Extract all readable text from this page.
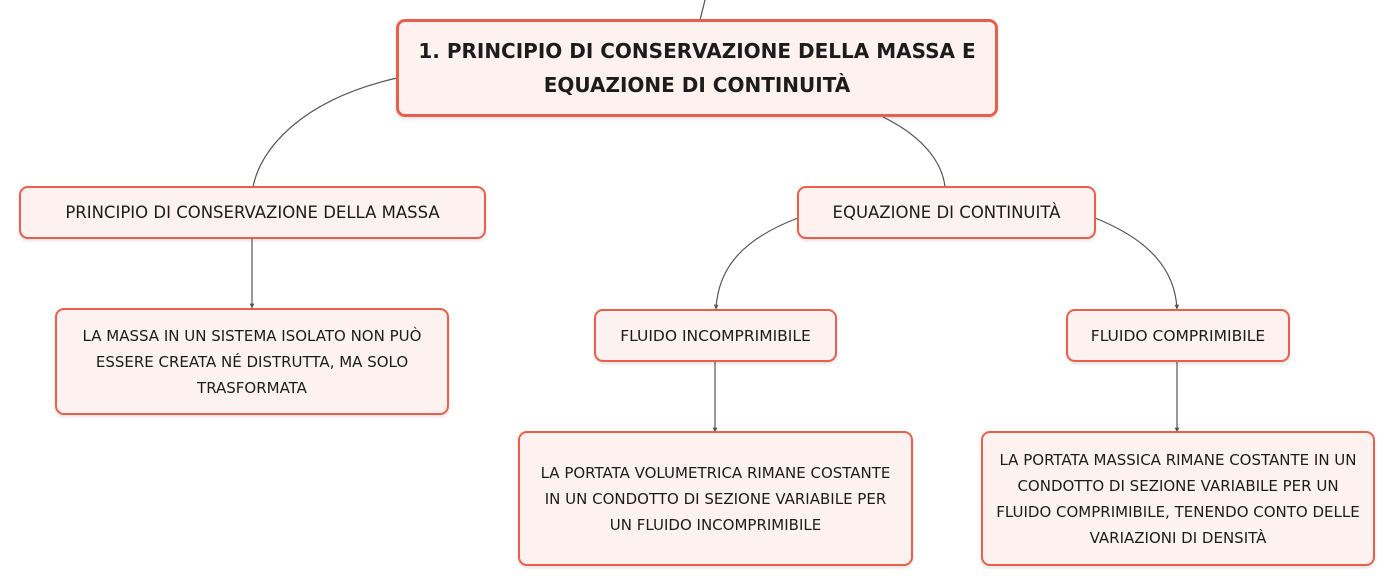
1. PRINCIPIO DI CONSERVAZIONE DELLA MASSA E EQUAZIONE DI CONTINUITÀ
PRINCIPIO DI CONSERVAZIONE DELLA MASSA	EQUAZIONE DI CONTINUITÀ
LA MASSA IN UN SISTEMA ISOLATO NON PUÒ ESSERE CREATA NÉ DISTRUTTA, MA SOLO TRASFORMATA
FLUIDO INCOMPRIMIBILE	FLUIDO COMPRIMIBILE
LA PORTATA VOLUMETRICA RIMANE COSTANTE IN UN CONDOTTO DI SEZIONE VARIABILE PER UN FLUIDO INCOMPRIMIBILE
LA PORTATA MASSICA RIMANE COSTANTE IN UN CONDOTTO DI SEZIONE VARIABILE PER UN FLUIDO COMPRIMIBILE, TENENDO CONTO DELLE VARIAZIONI DI DENSITÀ
